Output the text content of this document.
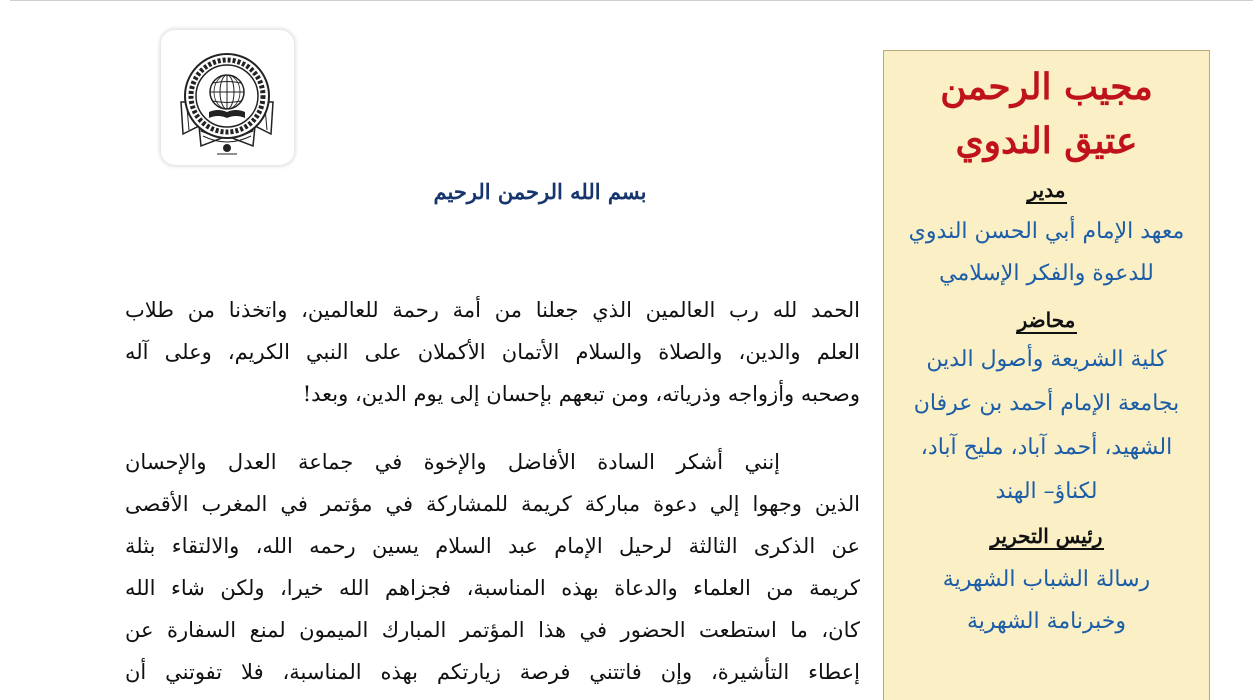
مجيب الرحمن
عتيق الندوي
مدير
معهد الإمام أبي الحسن الندوي
للدعوة والفكر الإسلامي
محاضر
كلية الشريعة وأصول الدين
بجامعة الإمام أحمد بن عرفان
الشهيد، أحمد آباد، مليح آباد،
لكناؤ– الهند
رئيس التحرير
رسالة الشباب الشهرية
وخبرنامة الشهرية
بسم الله الرحمن الرحيم
الحمد لله رب العالمين الذي جعلنا من أمة رحمة للعالمين، واتخذنا من طلاب
العلم والدين، والصلاة والسلام الأتمان الأكملان على النبي الكريم، وعلى آله
وصحبه وأزواجه وذرياته، ومن تبعهم بإحسان إلى يوم الدين، وبعد!
إنني أشكر السادة الأفاضل والإخوة في جماعة العدل والإحسان
الذين وجهوا إلي دعوة مباركة كريمة للمشاركة في مؤتمر في المغرب الأقصى
عن الذكرى الثالثة لرحيل الإمام عبد السلام يسين رحمه الله، والالتقاء بثلة
كريمة من العلماء والدعاة بهذه المناسبة، فجزاهم الله خيرا، ولكن شاء الله
كان، ما استطعت الحضور في هذا المؤتمر المبارك الميمون لمنع السفارة عن
إعطاء التأشيرة، وإن فاتتني فرصة زيارتكم بهذه المناسبة، فلا تفوتني أن
